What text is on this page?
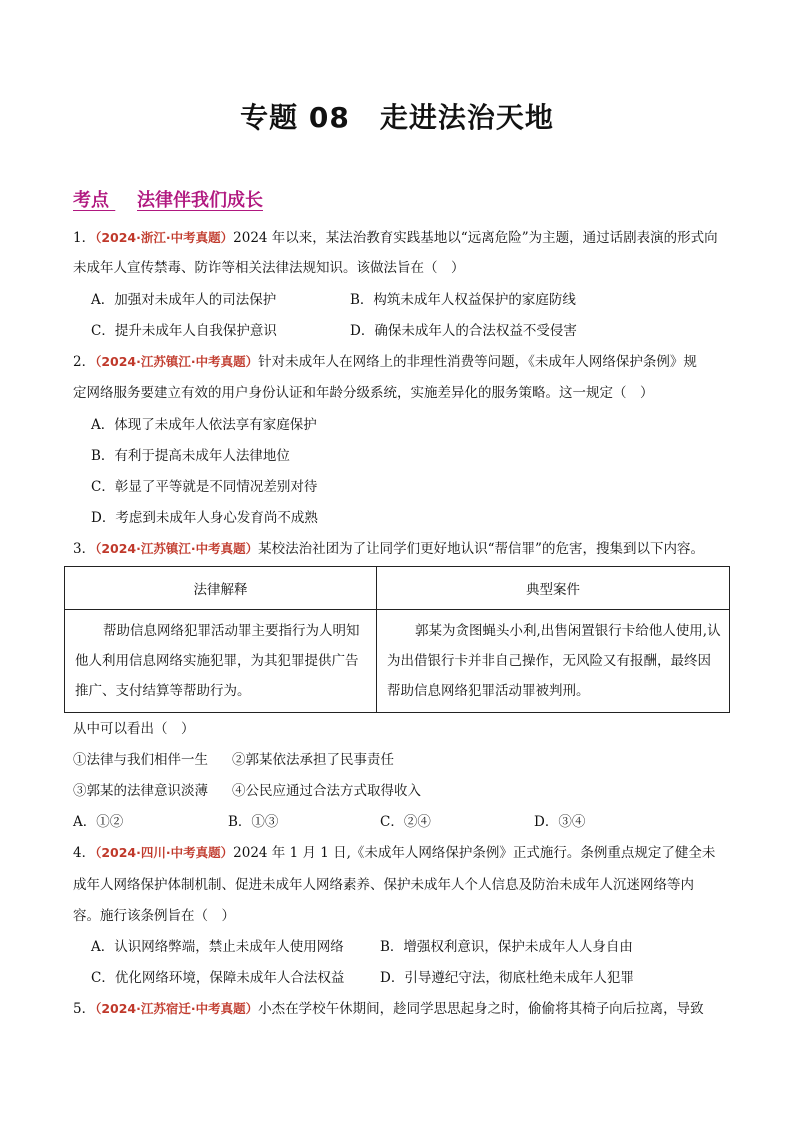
专题 08 走进法治天地
考点 法律伴我们成长
1．（2024·浙江·中考真题）2024 年以来，某法治教育实践基地以“远离危险”为主题，通过话剧表演的形式向
未成年人宣传禁毒、防诈等相关法律法规知识。该做法旨在（　）
A．加强对未成年人的司法保护	B．构筑未成年人权益保护的家庭防线
C．提升未成年人自我保护意识	D．确保未成年人的合法权益不受侵害
2．（2024·江苏镇江·中考真题）针对未成年人在网络上的非理性消费等问题，《未成年人网络保护条例》规
定网络服务要建立有效的用户身份认证和年龄分级系统，实施差异化的服务策略。这一规定（　）
A．体现了未成年人依法享有家庭保护
B．有利于提高未成年人法律地位
C．彰显了平等就是不同情况差别对待
D．考虑到未成年人身心发育尚不成熟
3．（2024·江苏镇江·中考真题）某校法治社团为了让同学们更好地认识“帮信罪”的危害，搜集到以下内容。
法律解释	典型案件
帮助信息网络犯罪活动罪主要指行为人明知他人利用信息网络实施犯罪，为其犯罪提供广告推广、支付结算等帮助行为。	郭某为贪图蝇头小利,出售闲置银行卡给他人使用,认为出借银行卡并非自己操作，无风险又有报酬，最终因帮助信息网络犯罪活动罪被判刑。
从中可以看出（　）
①法律与我们相伴一生 ②郭某依法承担了民事责任
③郭某的法律意识淡薄 ④公民应通过合法方式取得收入
A．①②	B．①③	C．②④	D．③④
4．（2024·四川·中考真题）2024 年 1 月 1 日,《未成年人网络保护条例》正式施行。条例重点规定了健全未
成年人网络保护体制机制、促进未成年人网络素养、保护未成年人个人信息及防治未成年人沉迷网络等内
容。施行该条例旨在（　）
A．认识网络弊端，禁止未成年人使用网络	B．增强权利意识，保护未成年人人身自由
C．优化网络环境，保障未成年人合法权益	D．引导遵纪守法，彻底杜绝未成年人犯罪
5．（2024·江苏宿迁·中考真题）小杰在学校午休期间，趁同学思思起身之时，偷偷将其椅子向后拉离，导致
